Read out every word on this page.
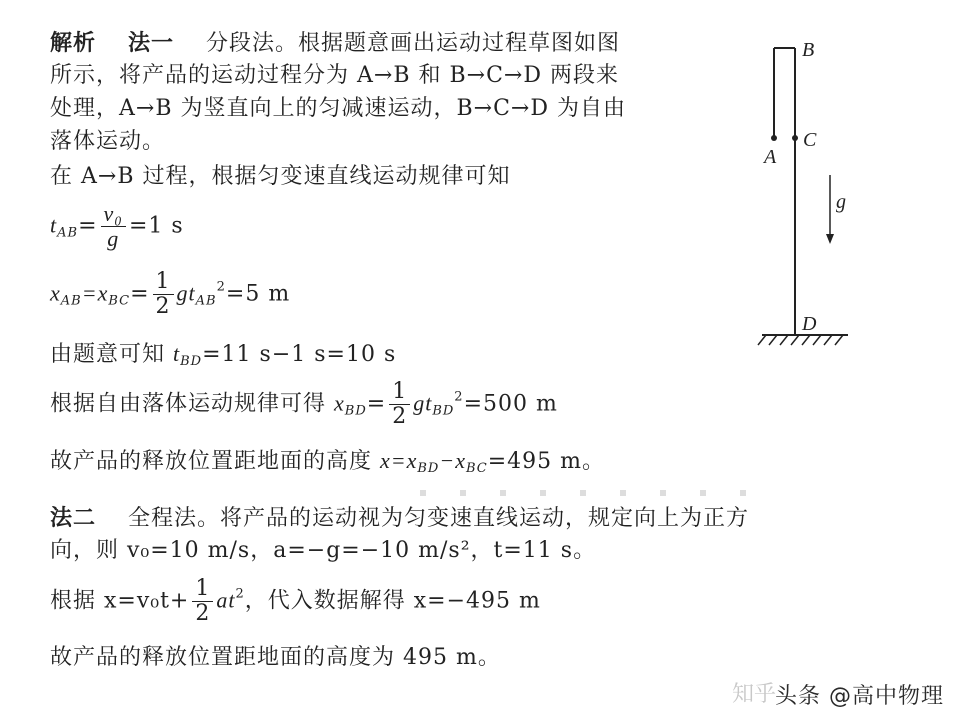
解析 法一 分段法。根据题意画出运动过程草图如图
所示，将产品的运动过程分为 A→B 和 B→C→D 两段来
处理，A→B 为竖直向上的匀减速运动，B→C→D 为自由
落体运动。
在 A→B 过程，根据匀变速直线运动规律可知
$t_{AB}= \frac{\text{v₀}}{g} =1$ s
$x_{AB}=x_{BC}= \frac{1}{2} gt_{AB}^2=5$ m
由题意可知 $t_{BD}=11$ s−1 s=10 s
根据自由落体运动规律可得 $x_{BD}= \frac{1}{2} gt_{BD}^2=500$ m
故产品的释放位置距地面的高度 $x=x_{BD}-x_{BC}=495$ m。
法二 全程法。将产品的运动视为匀变速直线运动，规定向上为正方
向，则 v₀=10 m/s，a=−g=−10 m/s²，t=11 s。
根据 $x=v_0t+ \frac{1}{2} at^2$，代入数据解得 x=−495 m
故产品的释放位置距地面的高度为 495 m。
B
A
C
g
D
知乎
头条 @高中物理
